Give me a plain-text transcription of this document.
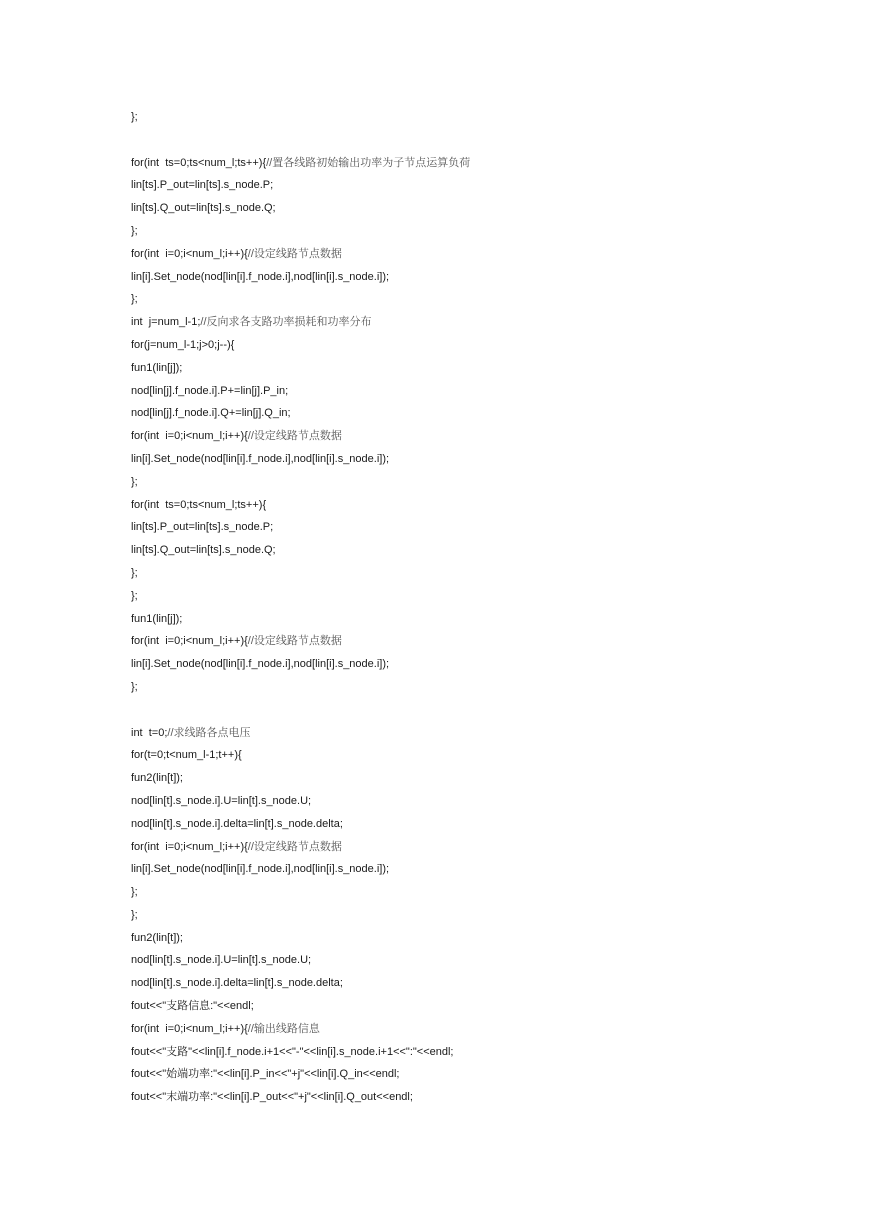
};
for(int  ts=0;ts<num_l;ts++){//置各线路初始输出功率为子节点运算负荷
lin[ts].P_out=lin[ts].s_node.P;
lin[ts].Q_out=lin[ts].s_node.Q;
};
for(int  i=0;i<num_l;i++){//设定线路节点数据
lin[i].Set_node(nod[lin[i].f_node.i],nod[lin[i].s_node.i]);
};
int  j=num_l-1;//反向求各支路功率损耗和功率分布
for(j=num_l-1;j>0;j--){
fun1(lin[j]);
nod[lin[j].f_node.i].P+=lin[j].P_in;
nod[lin[j].f_node.i].Q+=lin[j].Q_in;
for(int  i=0;i<num_l;i++){//设定线路节点数据
lin[i].Set_node(nod[lin[i].f_node.i],nod[lin[i].s_node.i]);
};
for(int  ts=0;ts<num_l;ts++){
lin[ts].P_out=lin[ts].s_node.P;
lin[ts].Q_out=lin[ts].s_node.Q;
};
};
fun1(lin[j]);
for(int  i=0;i<num_l;i++){//设定线路节点数据
lin[i].Set_node(nod[lin[i].f_node.i],nod[lin[i].s_node.i]);
};
int  t=0;//求线路各点电压
for(t=0;t<num_l-1;t++){
fun2(lin[t]);
nod[lin[t].s_node.i].U=lin[t].s_node.U;
nod[lin[t].s_node.i].delta=lin[t].s_node.delta;
for(int  i=0;i<num_l;i++){//设定线路节点数据
lin[i].Set_node(nod[lin[i].f_node.i],nod[lin[i].s_node.i]);
};
};
fun2(lin[t]);
nod[lin[t].s_node.i].U=lin[t].s_node.U;
nod[lin[t].s_node.i].delta=lin[t].s_node.delta;
fout<<"支路信息:"<<endl;
for(int  i=0;i<num_l;i++){//输出线路信息
fout<<"支路"<<lin[i].f_node.i+1<<"-"<<lin[i].s_node.i+1<<":"<<endl;
fout<<"始端功率:"<<lin[i].P_in<<"+j"<<lin[i].Q_in<<endl;
fout<<"末端功率:"<<lin[i].P_out<<"+j"<<lin[i].Q_out<<endl;
